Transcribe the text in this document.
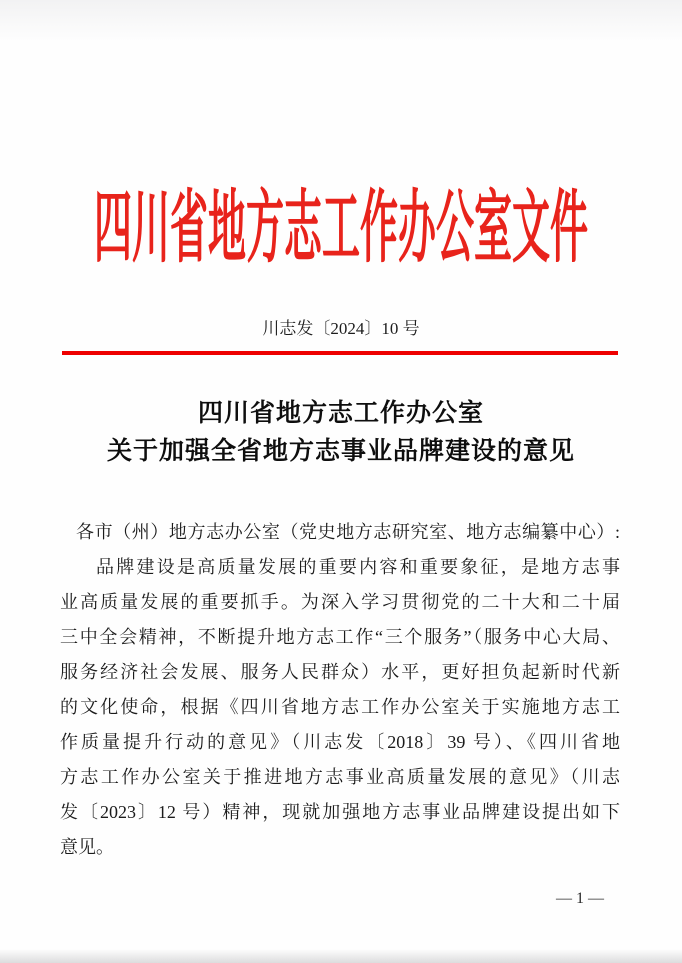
四川省地方志工作办公室文件
川志发〔2024〕10 号
四川省地方志工作办公室
关于加强全省地方志事业品牌建设的意见
各市（州）地方志办公室（党史地方志研究室、地方志编纂中心）:
品牌建设是高质量发展的重要内容和重要象征，是地方志事
业高质量发展的重要抓手。为深入学习贯彻党的二十大和二十届
三中全会精神，不断提升地方志工作“三个服务”（服务中心大局、
服务经济社会发展、服务人民群众）水平，更好担负起新时代新
的文化使命，根据《四川省地方志工作办公室关于实施地方志工
作质量提升行动的意见》（川志发〔2018〕39 号）、《四川省地
方志工作办公室关于推进地方志事业高质量发展的意见》（川志
发〔2023〕12 号）精神，现就加强地方志事业品牌建设提出如下
意见。
— 1 —
